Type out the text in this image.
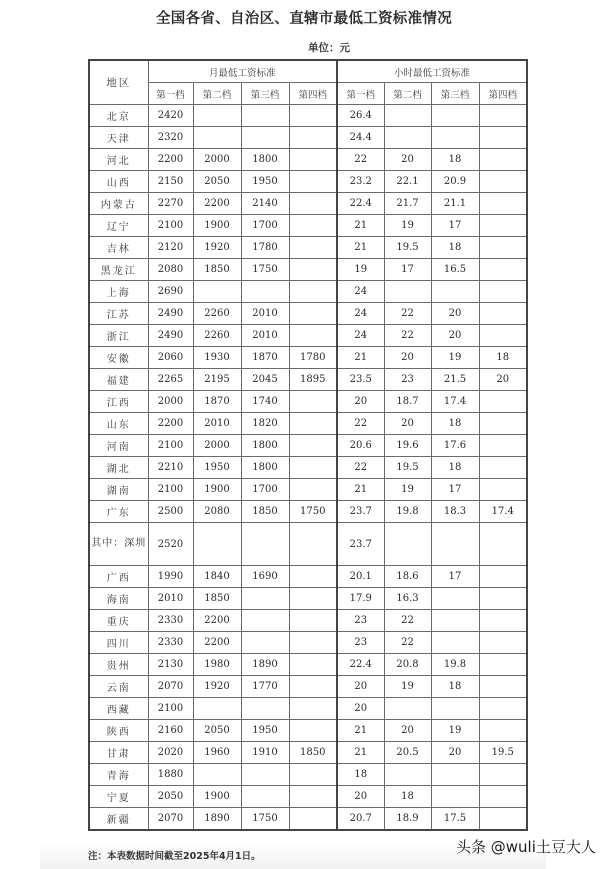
全国各省、自治区、直辖市最低工资标准情况
单位：元
地区	月最低工资标准				小时最低工资标准			
	第一档	第二档	第三档	第四档	第一档	第二档	第三档	第四档
北京	2420				26.4			
天津	2320				24.4			
河北	2200	2000	1800		22	20	18	
山西	2150	2050	1950		23.2	22.1	20.9	
内蒙古	2270	2200	2140		22.4	21.7	21.1	
辽宁	2100	1900	1700		21	19	17	
吉林	2120	1920	1780		21	19.5	18	
黑龙江	2080	1850	1750		19	17	16.5	
上海	2690				24			
江苏	2490	2260	2010		24	22	20	
浙江	2490	2260	2010		24	22	20	
安徽	2060	1930	1870	1780	21	20	19	18
福建	2265	2195	2045	1895	23.5	23	21.5	20
江西	2000	1870	1740		20	18.7	17.4	
山东	2200	2010	1820		22	20	18	
河南	2100	2000	1800		20.6	19.6	17.6	
湖北	2210	1950	1800		22	19.5	18	
湖南	2100	1900	1700		21	19	17	
广东	2500	2080	1850	1750	23.7	19.8	18.3	17.4
其中：深圳	2520				23.7			
广西	1990	1840	1690		20.1	18.6	17	
海南	2010	1850			17.9	16.3		
重庆	2330	2200			23	22		
四川	2330	2200			23	22		
贵州	2130	1980	1890		22.4	20.8	19.8	
云南	2070	1920	1770		20	19	18	
西藏	2100				20			
陕西	2160	2050	1950		21	20	19	
甘肃	2020	1960	1910	1850	21	20.5	20	19.5
青海	1880				18			
宁夏	2050	1900			20	18		
新疆	2070	1890	1750		20.7	18.9	17.5	
注：本表数据时间截至2025年4月1日。
头条 @wuli土豆大人
